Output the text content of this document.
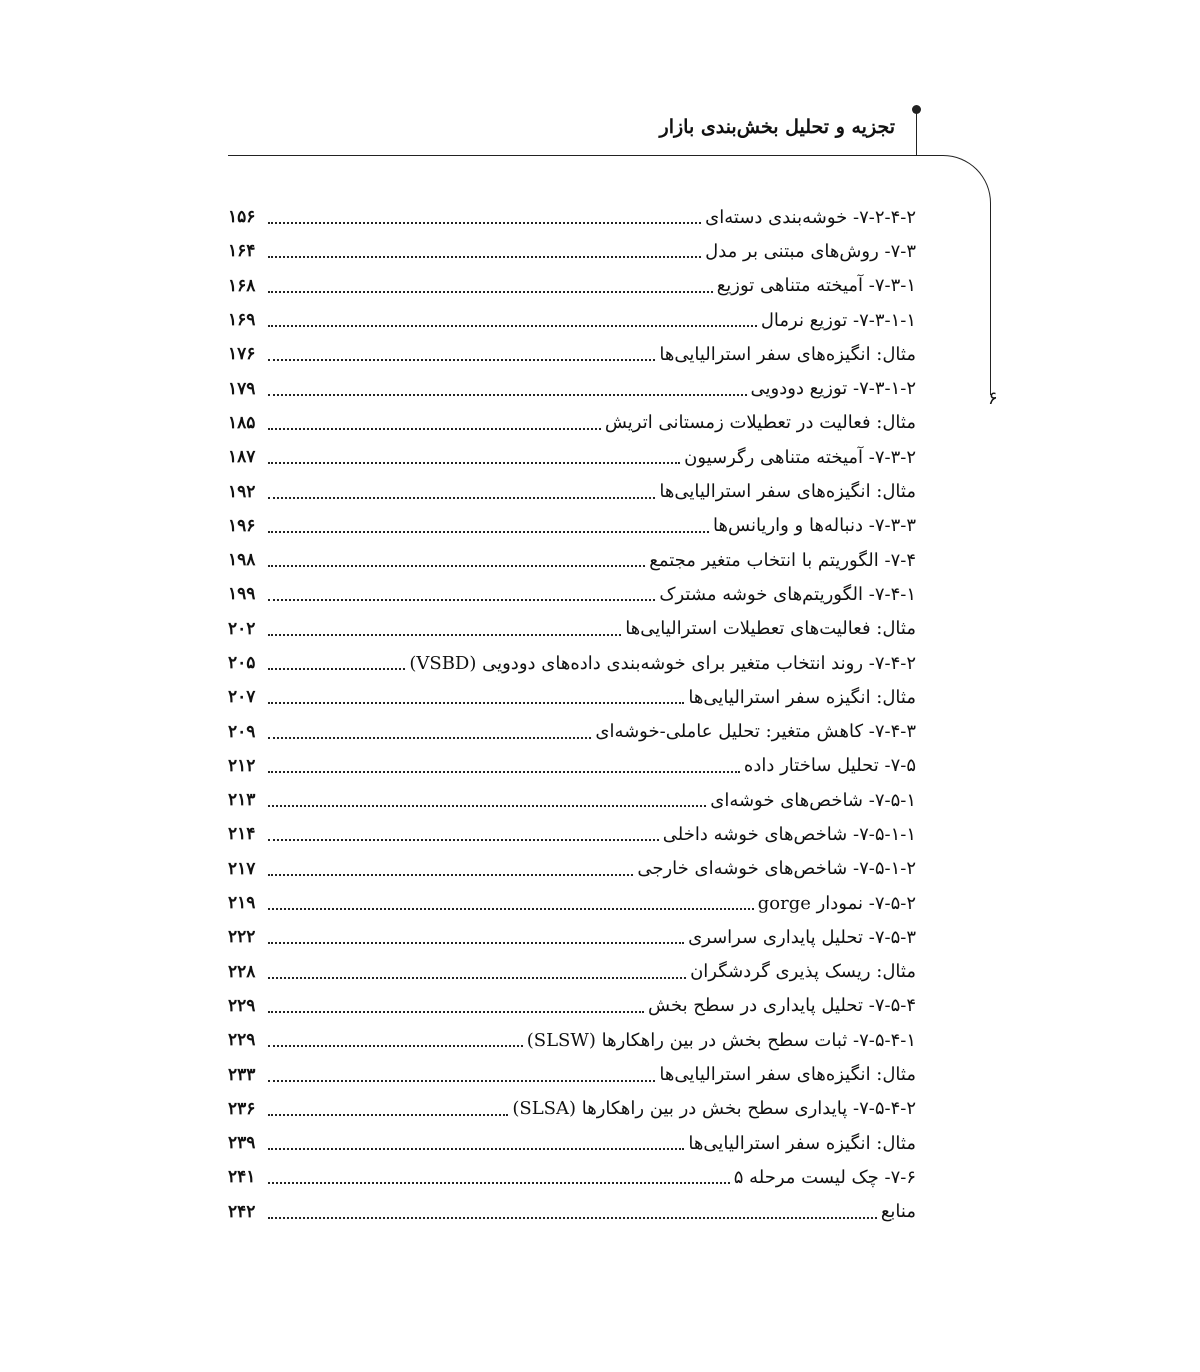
تجزیه و تحلیل بخش‌بندی بازار
۶
۷-۲-۴-۲- خوشه‌بندی دسته‌ای
۱۵۶
۷-۳- روش‌های مبتنی بر مدل
۱۶۴
۷-۳-۱- آمیخته متناهی توزیع
۱۶۸
۷-۳-۱-۱- توزیع نرمال
۱۶۹
مثال: انگیزه‌های سفر استرالیایی‌ها
۱۷۶
۷-۳-۱-۲- توزیع دودویی
۱۷۹
مثال: فعالیت در تعطیلات زمستانی اتریش
۱۸۵
۷-۳-۲- آمیخته متناهی رگرسیون
۱۸۷
مثال: انگیزه‌های سفر استرالیایی‌ها
۱۹۲
۷-۳-۳- دنباله‌ها و واریانس‌ها
۱۹۶
۷-۴- الگوریتم با انتخاب متغیر مجتمع
۱۹۸
۷-۴-۱- الگوریتم‌های خوشه مشترک
۱۹۹
مثال: فعالیت‌های تعطیلات استرالیایی‌ها
۲۰۲
۷-۴-۲- روند انتخاب متغیر برای خوشه‌بندی داده‌های دودویی (VSBD)
۲۰۵
مثال: انگیزه سفر استرالیایی‌ها
۲۰۷
۷-۴-۳- کاهش متغیر: تحلیل عاملی-خوشه‌ای
۲۰۹
۷-۵- تحلیل ساختار داده
۲۱۲
۷-۵-۱- شاخص‌های خوشه‌ای
۲۱۳
۷-۵-۱-۱- شاخص‌های خوشه داخلی
۲۱۴
۷-۵-۱-۲- شاخص‌های خوشه‌ای خارجی
۲۱۷
۷-۵-۲- نمودار gorge
۲۱۹
۷-۵-۳- تحلیل پایداری سراسری
۲۲۲
مثال: ریسک پذیری گردشگران
۲۲۸
۷-۵-۴- تحلیل پایداری در سطح بخش
۲۲۹
۷-۵-۴-۱- ثبات سطح بخش در بین راهکارها (SLSW)
۲۲۹
مثال: انگیزه‌های سفر استرالیایی‌ها
۲۳۳
۷-۵-۴-۲- پایداری سطح بخش در بین راهکارها (SLSA)
۲۳۶
مثال: انگیزه سفر استرالیایی‌ها
۲۳۹
۷-۶- چک لیست مرحله ۵
۲۴۱
منابع
۲۴۲
